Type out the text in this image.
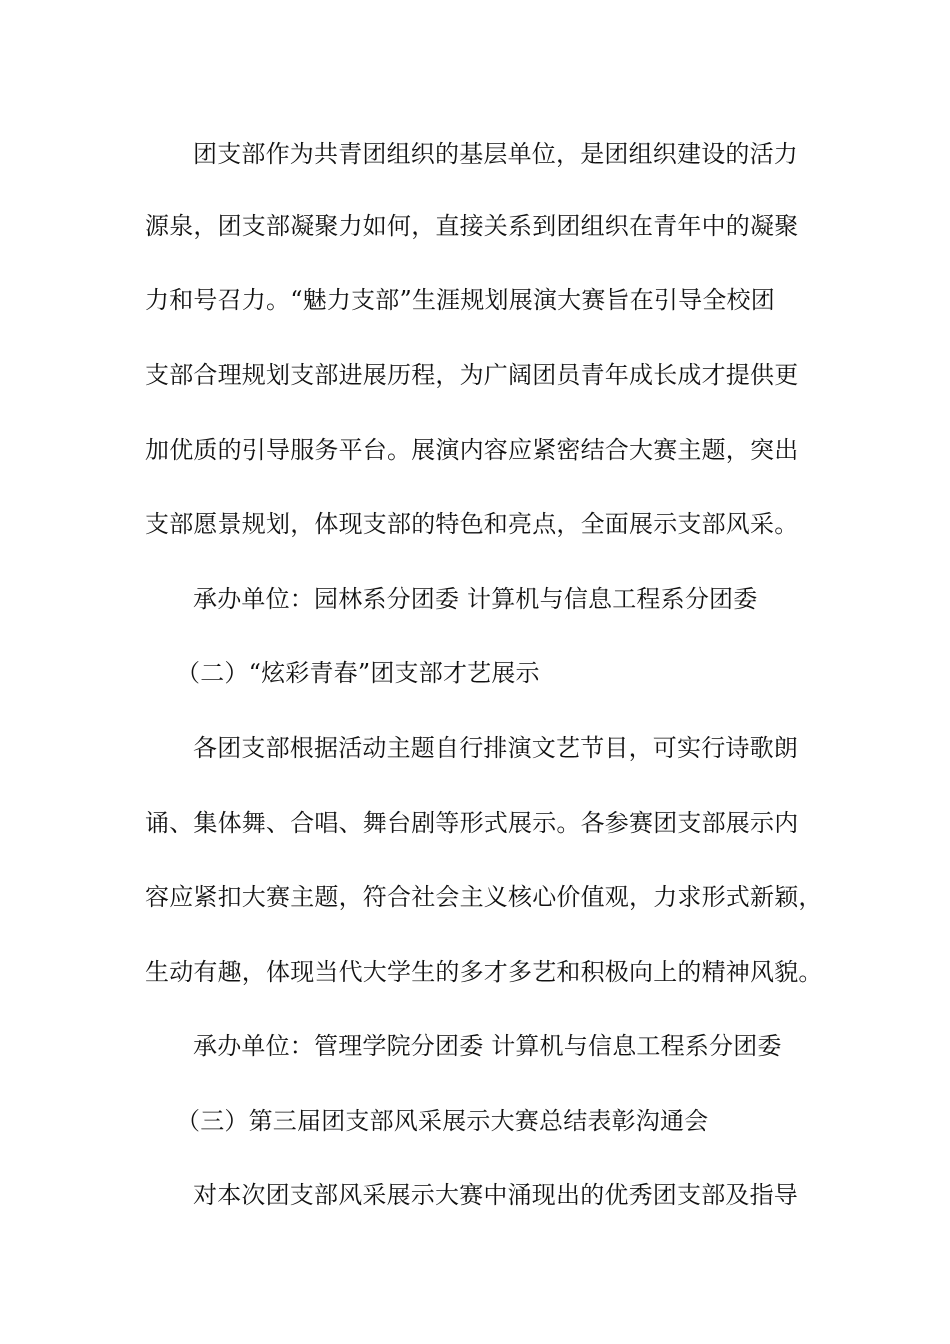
团支部作为共青团组织的基层单位，是团组织建设的活力
源泉，团支部凝聚力如何，直接关系到团组织在青年中的凝聚
力和号召力。“魅力支部”生涯规划展演大赛旨在引导全校团
支部合理规划支部进展历程，为广阔团员青年成长成才提供更
加优质的引导服务平台。展演内容应紧密结合大赛主题，突出
支部愿景规划，体现支部的特色和亮点，全面展示支部风采。
承办单位：园林系分团委 计算机与信息工程系分团委
（二）“炫彩青春”团支部才艺展示
各团支部根据活动主题自行排演文艺节目，可实行诗歌朗
诵、集体舞、合唱、舞台剧等形式展示。各参赛团支部展示内
容应紧扣大赛主题，符合社会主义核心价值观，力求形式新颖，
生动有趣，体现当代大学生的多才多艺和积极向上的精神风貌。
承办单位：管理学院分团委 计算机与信息工程系分团委
（三）第三届团支部风采展示大赛总结表彰沟通会
对本次团支部风采展示大赛中涌现出的优秀团支部及指导
